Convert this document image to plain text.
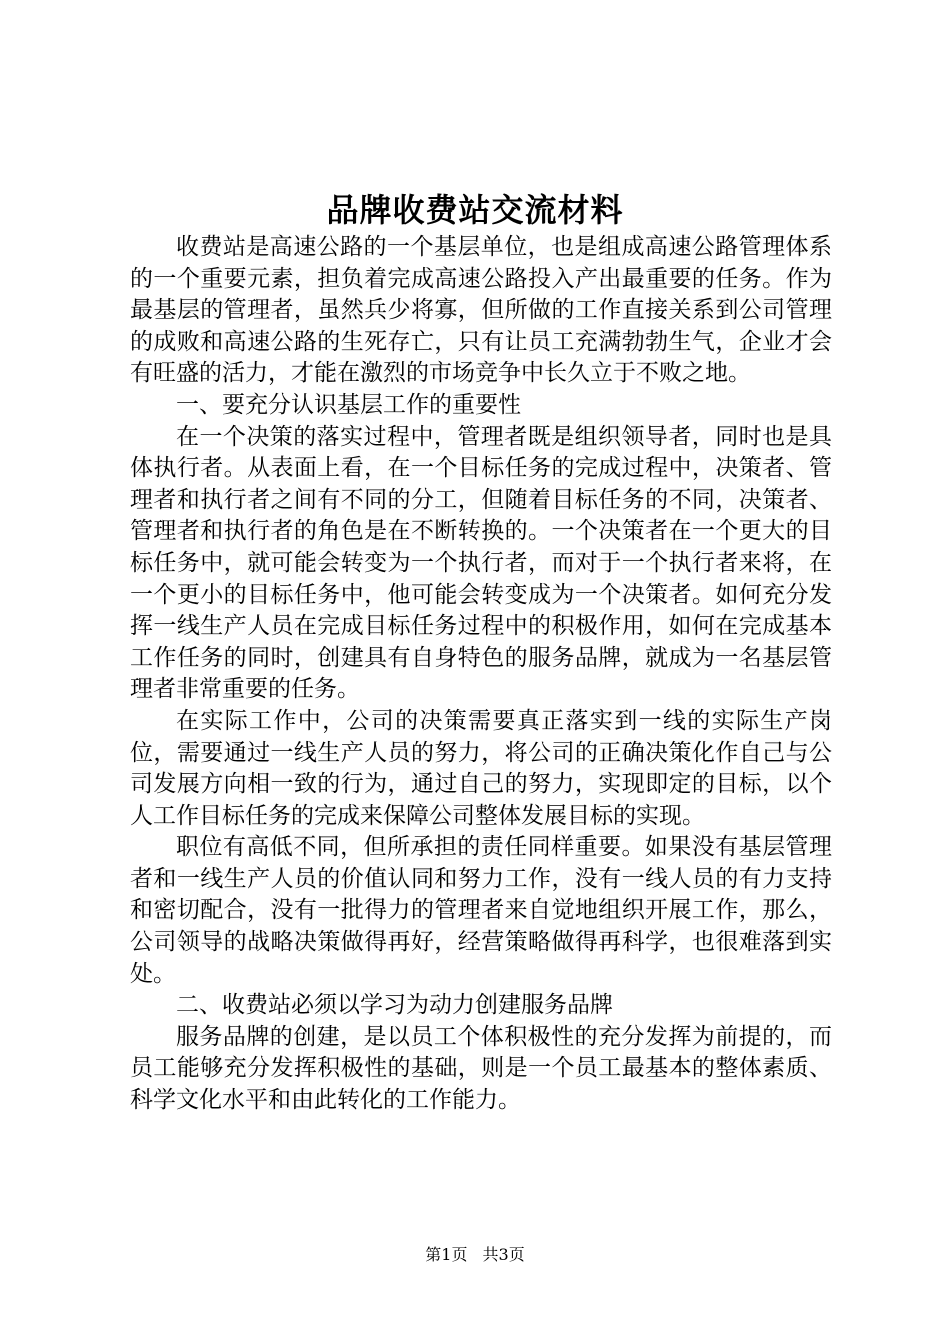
品牌收费站交流材料

收费站是高速公路的一个基层单位，也是组成高速公路管理体系的一个重要元素，担负着完成高速公路投入产出最重要的任务。作为最基层的管理者，虽然兵少将寡，但所做的工作直接关系到公司管理的成败和高速公路的生死存亡，只有让员工充满勃勃生气，企业才会有旺盛的活力，才能在激烈的市场竞争中长久立于不败之地。

一、要充分认识基层工作的重要性

在一个决策的落实过程中，管理者既是组织领导者，同时也是具体执行者。从表面上看，在一个目标任务的完成过程中，决策者、管理者和执行者之间有不同的分工，但随着目标任务的不同，决策者、管理者和执行者的角色是在不断转换的。一个决策者在一个更大的目标任务中，就可能会转变为一个执行者，而对于一个执行者来将，在一个更小的目标任务中，他可能会转变成为一个决策者。如何充分发挥一线生产人员在完成目标任务过程中的积极作用，如何在完成基本工作任务的同时，创建具有自身特色的服务品牌，就成为一名基层管理者非常重要的任务。

在实际工作中，公司的决策需要真正落实到一线的实际生产岗位，需要通过一线生产人员的努力，将公司的正确决策化作自己与公司发展方向相一致的行为，通过自己的努力，实现即定的目标，以个人工作目标任务的完成来保障公司整体发展目标的实现。

职位有高低不同，但所承担的责任同样重要。如果没有基层管理者和一线生产人员的价值认同和努力工作，没有一线人员的有力支持和密切配合，没有一批得力的管理者来自觉地组织开展工作，那么，公司领导的战略决策做得再好，经营策略做得再科学，也很难落到实处。

二、收费站必须以学习为动力创建服务品牌

服务品牌的创建，是以员工个体积极性的充分发挥为前提的，而员工能够充分发挥积极性的基础，则是一个员工最基本的整体素质、科学文化水平和由此转化的工作能力。

第1页 共3页
